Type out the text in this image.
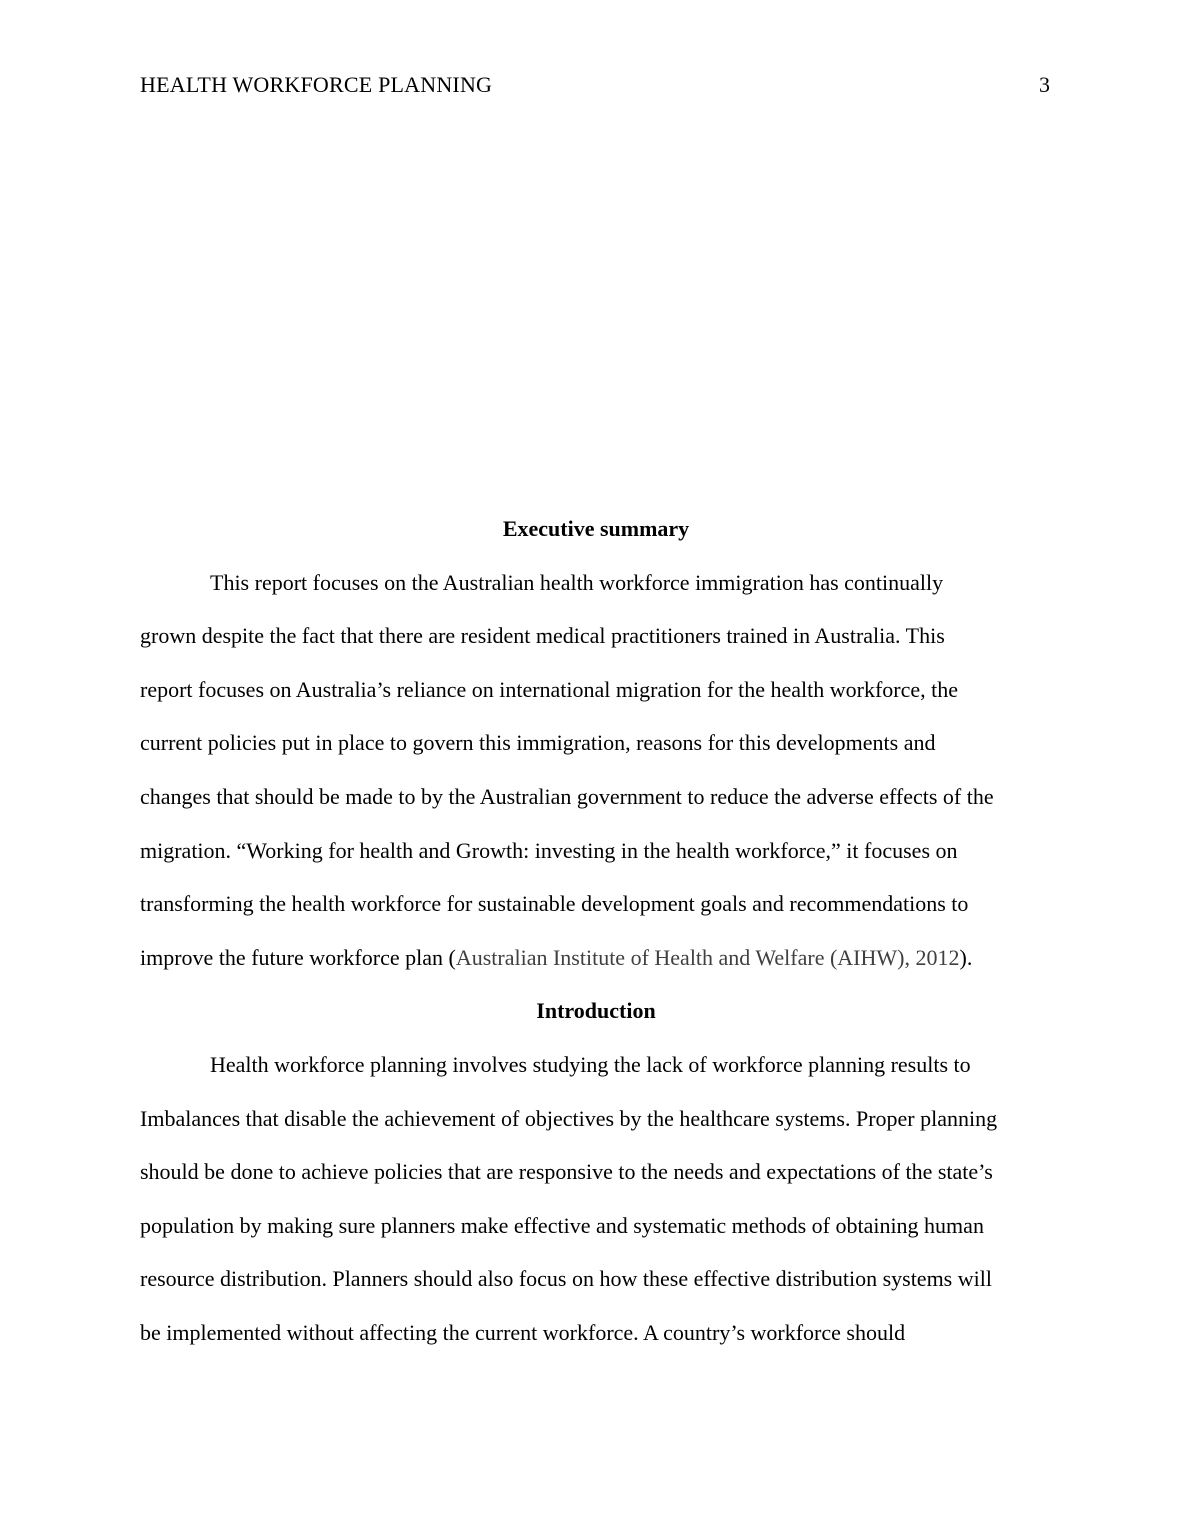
HEALTH WORKFORCE PLANNING	3
Executive summary
This report focuses on the Australian health workforce immigration has continually
grown despite the fact that there are resident medical practitioners trained in Australia. This
report focuses on Australia’s reliance on international migration for the health workforce, the
current policies put in place to govern this immigration, reasons for this developments and
changes that should be made to by the Australian government to reduce the adverse effects of the
migration. “Working for health and Growth: investing in the health workforce,” it focuses on
transforming the health workforce for sustainable development goals and recommendations to
improve the future workforce plan (Australian Institute of Health and Welfare (AIHW), 2012).
Introduction
Health workforce planning involves studying the lack of workforce planning results to
Imbalances that disable the achievement of objectives by the healthcare systems. Proper planning
should be done to achieve policies that are responsive to the needs and expectations of the state’s
population by making sure planners make effective and systematic methods of obtaining human
resource distribution. Planners should also focus on how these effective distribution systems will
be implemented without affecting the current workforce. A country’s workforce should
